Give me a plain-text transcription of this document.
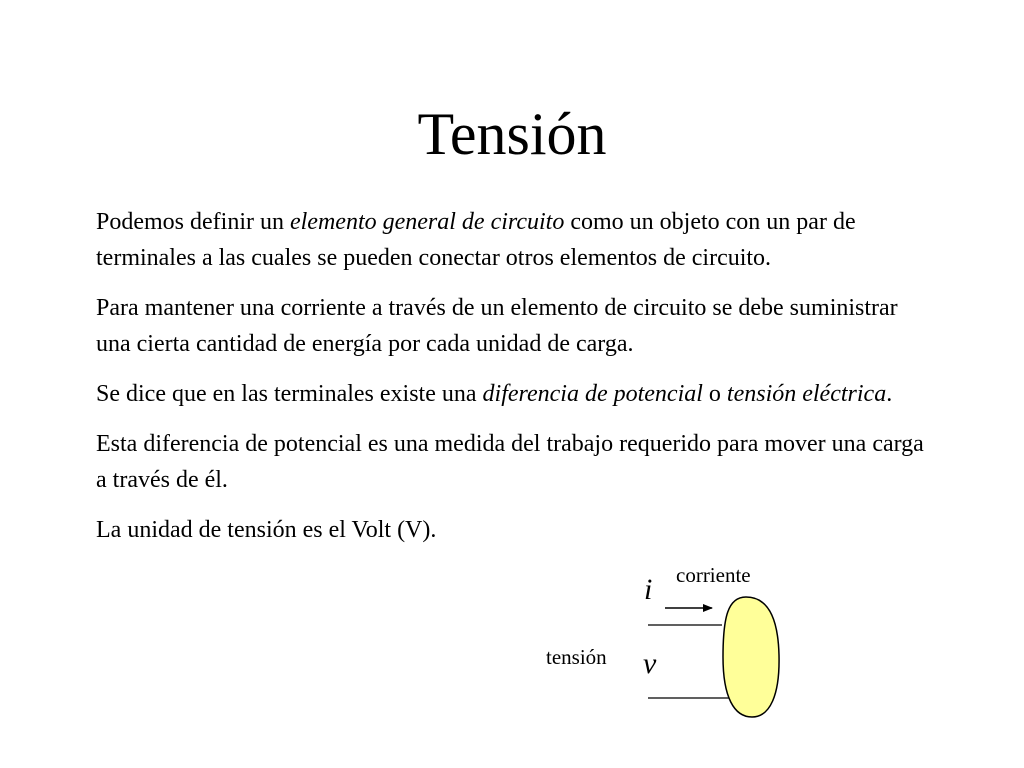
Tensión

Podemos definir un elemento general de circuito como un objeto con un par de terminales a las cuales se pueden conectar otros elementos de circuito.

Para mantener una corriente a través de un elemento de circuito se debe suministrar una cierta cantidad de energía por cada unidad de carga.

Se dice que en las terminales existe una diferencia de potencial o tensión eléctrica.

Esta diferencia de potencial es una medida del trabajo requerido para mover una carga a través de él.

La unidad de tensión es el Volt (V).

corriente
i
tensión v
